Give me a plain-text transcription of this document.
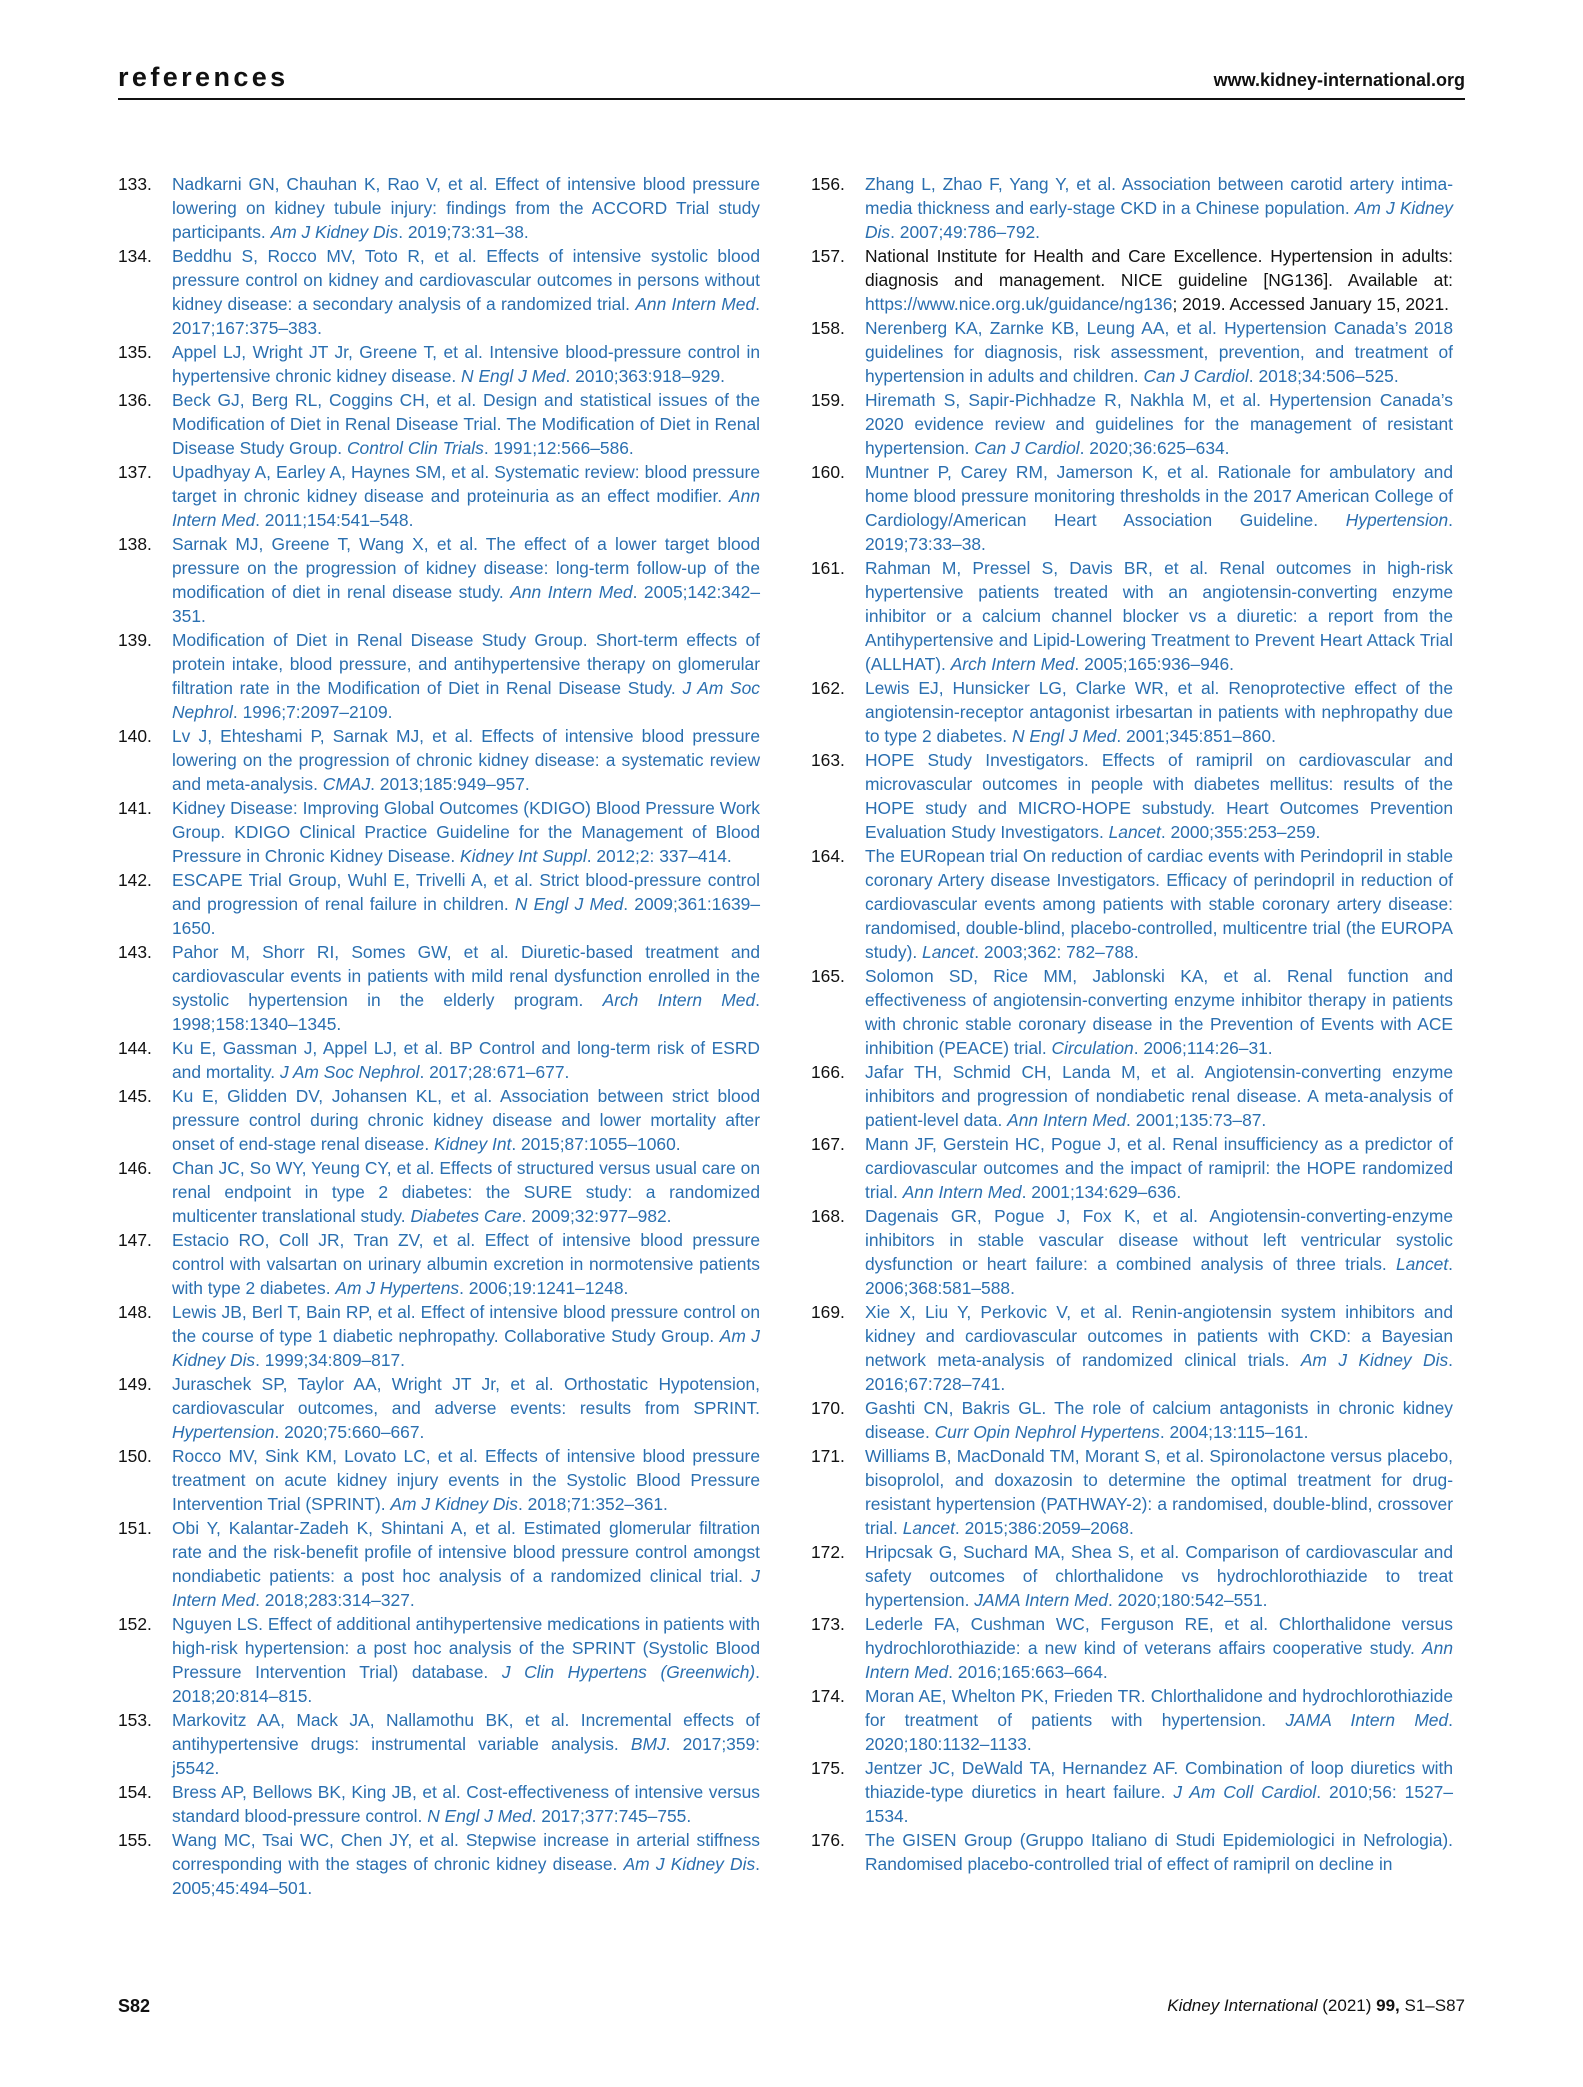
references	www.kidney-international.org
133.	Nadkarni GN, Chauhan K, Rao V, et al. Effect of intensive blood pressure lowering on kidney tubule injury: findings from the ACCORD Trial study participants. Am J Kidney Dis. 2019;73:31–38.
134.	Beddhu S, Rocco MV, Toto R, et al. Effects of intensive systolic blood pressure control on kidney and cardiovascular outcomes in persons without kidney disease: a secondary analysis of a randomized trial. Ann Intern Med. 2017;167:375–383.
135.	Appel LJ, Wright JT Jr, Greene T, et al. Intensive blood-pressure control in hypertensive chronic kidney disease. N Engl J Med. 2010;363:918–929.
136.	Beck GJ, Berg RL, Coggins CH, et al. Design and statistical issues of the Modification of Diet in Renal Disease Trial. The Modification of Diet in Renal Disease Study Group. Control Clin Trials. 1991;12:566–586.
137.	Upadhyay A, Earley A, Haynes SM, et al. Systematic review: blood pressure target in chronic kidney disease and proteinuria as an effect modifier. Ann Intern Med. 2011;154:541–548.
138.	Sarnak MJ, Greene T, Wang X, et al. The effect of a lower target blood pressure on the progression of kidney disease: long-term follow-up of the modification of diet in renal disease study. Ann Intern Med. 2005;142:342–351.
139.	Modification of Diet in Renal Disease Study Group. Short-term effects of protein intake, blood pressure, and antihypertensive therapy on glomerular filtration rate in the Modification of Diet in Renal Disease Study. J Am Soc Nephrol. 1996;7:2097–2109.
140.	Lv J, Ehteshami P, Sarnak MJ, et al. Effects of intensive blood pressure lowering on the progression of chronic kidney disease: a systematic review and meta-analysis. CMAJ. 2013;185:949–957.
141.	Kidney Disease: Improving Global Outcomes (KDIGO) Blood Pressure Work Group. KDIGO Clinical Practice Guideline for the Management of Blood Pressure in Chronic Kidney Disease. Kidney Int Suppl. 2012;2: 337–414.
142.	ESCAPE Trial Group, Wuhl E, Trivelli A, et al. Strict blood-pressure control and progression of renal failure in children. N Engl J Med. 2009;361:1639–1650.
143.	Pahor M, Shorr RI, Somes GW, et al. Diuretic-based treatment and cardiovascular events in patients with mild renal dysfunction enrolled in the systolic hypertension in the elderly program. Arch Intern Med. 1998;158:1340–1345.
144.	Ku E, Gassman J, Appel LJ, et al. BP Control and long-term risk of ESRD and mortality. J Am Soc Nephrol. 2017;28:671–677.
145.	Ku E, Glidden DV, Johansen KL, et al. Association between strict blood pressure control during chronic kidney disease and lower mortality after onset of end-stage renal disease. Kidney Int. 2015;87:1055–1060.
146.	Chan JC, So WY, Yeung CY, et al. Effects of structured versus usual care on renal endpoint in type 2 diabetes: the SURE study: a randomized multicenter translational study. Diabetes Care. 2009;32:977–982.
147.	Estacio RO, Coll JR, Tran ZV, et al. Effect of intensive blood pressure control with valsartan on urinary albumin excretion in normotensive patients with type 2 diabetes. Am J Hypertens. 2006;19:1241–1248.
148.	Lewis JB, Berl T, Bain RP, et al. Effect of intensive blood pressure control on the course of type 1 diabetic nephropathy. Collaborative Study Group. Am J Kidney Dis. 1999;34:809–817.
149.	Juraschek SP, Taylor AA, Wright JT Jr, et al. Orthostatic Hypotension, cardiovascular outcomes, and adverse events: results from SPRINT. Hypertension. 2020;75:660–667.
150.	Rocco MV, Sink KM, Lovato LC, et al. Effects of intensive blood pressure treatment on acute kidney injury events in the Systolic Blood Pressure Intervention Trial (SPRINT). Am J Kidney Dis. 2018;71:352–361.
151.	Obi Y, Kalantar-Zadeh K, Shintani A, et al. Estimated glomerular filtration rate and the risk-benefit profile of intensive blood pressure control amongst nondiabetic patients: a post hoc analysis of a randomized clinical trial. J Intern Med. 2018;283:314–327.
152.	Nguyen LS. Effect of additional antihypertensive medications in patients with high-risk hypertension: a post hoc analysis of the SPRINT (Systolic Blood Pressure Intervention Trial) database. J Clin Hypertens (Greenwich). 2018;20:814–815.
153.	Markovitz AA, Mack JA, Nallamothu BK, et al. Incremental effects of antihypertensive drugs: instrumental variable analysis. BMJ. 2017;359: j5542.
154.	Bress AP, Bellows BK, King JB, et al. Cost-effectiveness of intensive versus standard blood-pressure control. N Engl J Med. 2017;377:745–755.
155.	Wang MC, Tsai WC, Chen JY, et al. Stepwise increase in arterial stiffness corresponding with the stages of chronic kidney disease. Am J Kidney Dis. 2005;45:494–501.
156.	Zhang L, Zhao F, Yang Y, et al. Association between carotid artery intima-media thickness and early-stage CKD in a Chinese population. Am J Kidney Dis. 2007;49:786–792.
157.	National Institute for Health and Care Excellence. Hypertension in adults: diagnosis and management. NICE guideline [NG136]. Available at: https://www.nice.org.uk/guidance/ng136; 2019. Accessed January 15, 2021.
158.	Nerenberg KA, Zarnke KB, Leung AA, et al. Hypertension Canada’s 2018 guidelines for diagnosis, risk assessment, prevention, and treatment of hypertension in adults and children. Can J Cardiol. 2018;34:506–525.
159.	Hiremath S, Sapir-Pichhadze R, Nakhla M, et al. Hypertension Canada’s 2020 evidence review and guidelines for the management of resistant hypertension. Can J Cardiol. 2020;36:625–634.
160.	Muntner P, Carey RM, Jamerson K, et al. Rationale for ambulatory and home blood pressure monitoring thresholds in the 2017 American College of Cardiology/American Heart Association Guideline. Hypertension. 2019;73:33–38.
161.	Rahman M, Pressel S, Davis BR, et al. Renal outcomes in high-risk hypertensive patients treated with an angiotensin-converting enzyme inhibitor or a calcium channel blocker vs a diuretic: a report from the Antihypertensive and Lipid-Lowering Treatment to Prevent Heart Attack Trial (ALLHAT). Arch Intern Med. 2005;165:936–946.
162.	Lewis EJ, Hunsicker LG, Clarke WR, et al. Renoprotective effect of the angiotensin-receptor antagonist irbesartan in patients with nephropathy due to type 2 diabetes. N Engl J Med. 2001;345:851–860.
163.	HOPE Study Investigators. Effects of ramipril on cardiovascular and microvascular outcomes in people with diabetes mellitus: results of the HOPE study and MICRO-HOPE substudy. Heart Outcomes Prevention Evaluation Study Investigators. Lancet. 2000;355:253–259.
164.	The EURopean trial On reduction of cardiac events with Perindopril in stable coronary Artery disease Investigators. Efficacy of perindopril in reduction of cardiovascular events among patients with stable coronary artery disease: randomised, double-blind, placebo-controlled, multicentre trial (the EUROPA study). Lancet. 2003;362: 782–788.
165.	Solomon SD, Rice MM, Jablonski KA, et al. Renal function and effectiveness of angiotensin-converting enzyme inhibitor therapy in patients with chronic stable coronary disease in the Prevention of Events with ACE inhibition (PEACE) trial. Circulation. 2006;114:26–31.
166.	Jafar TH, Schmid CH, Landa M, et al. Angiotensin-converting enzyme inhibitors and progression of nondiabetic renal disease. A meta-analysis of patient-level data. Ann Intern Med. 2001;135:73–87.
167.	Mann JF, Gerstein HC, Pogue J, et al. Renal insufficiency as a predictor of cardiovascular outcomes and the impact of ramipril: the HOPE randomized trial. Ann Intern Med. 2001;134:629–636.
168.	Dagenais GR, Pogue J, Fox K, et al. Angiotensin-converting-enzyme inhibitors in stable vascular disease without left ventricular systolic dysfunction or heart failure: a combined analysis of three trials. Lancet. 2006;368:581–588.
169.	Xie X, Liu Y, Perkovic V, et al. Renin-angiotensin system inhibitors and kidney and cardiovascular outcomes in patients with CKD: a Bayesian network meta-analysis of randomized clinical trials. Am J Kidney Dis. 2016;67:728–741.
170.	Gashti CN, Bakris GL. The role of calcium antagonists in chronic kidney disease. Curr Opin Nephrol Hypertens. 2004;13:115–161.
171.	Williams B, MacDonald TM, Morant S, et al. Spironolactone versus placebo, bisoprolol, and doxazosin to determine the optimal treatment for drug-resistant hypertension (PATHWAY-2): a randomised, double-blind, crossover trial. Lancet. 2015;386:2059–2068.
172.	Hripcsak G, Suchard MA, Shea S, et al. Comparison of cardiovascular and safety outcomes of chlorthalidone vs hydrochlorothiazide to treat hypertension. JAMA Intern Med. 2020;180:542–551.
173.	Lederle FA, Cushman WC, Ferguson RE, et al. Chlorthalidone versus hydrochlorothiazide: a new kind of veterans affairs cooperative study. Ann Intern Med. 2016;165:663–664.
174.	Moran AE, Whelton PK, Frieden TR. Chlorthalidone and hydrochlorothiazide for treatment of patients with hypertension. JAMA Intern Med. 2020;180:1132–1133.
175.	Jentzer JC, DeWald TA, Hernandez AF. Combination of loop diuretics with thiazide-type diuretics in heart failure. J Am Coll Cardiol. 2010;56: 1527–1534.
176.	The GISEN Group (Gruppo Italiano di Studi Epidemiologici in Nefrologia). Randomised placebo-controlled trial of effect of ramipril on decline in
S82	Kidney International (2021) 99, S1–S87
